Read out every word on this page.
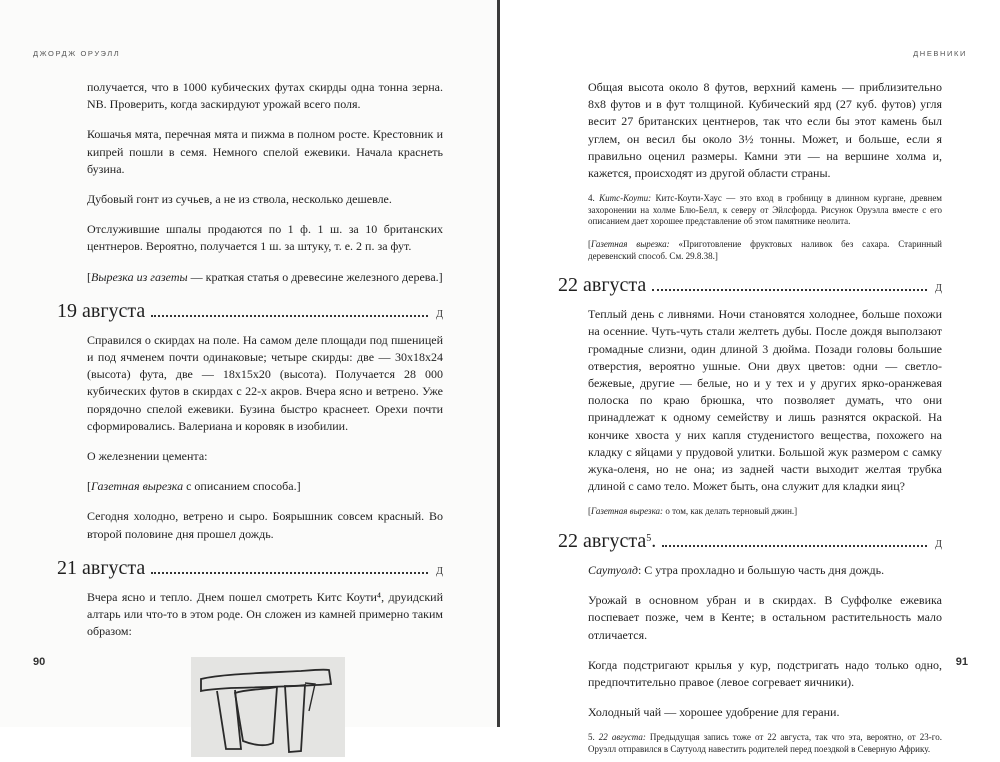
ДЖОРДЖ ОРУЭЛЛ

получается, что в 1000 кубических футах скирды одна тонна зерна. NB. Проверить, когда заскирдуют урожай всего поля.

Кошачья мята, перечная мята и пижма в полном росте. Крестовник и кипрей пошли в семя. Немного спелой ежевики. Начала краснеть бузина.

Дубовый гонт из сучьев, а не из ствола, несколько дешевле.

Отслужившие шпалы продаются по 1 ф. 1 ш. за 10 британских центнеров. Вероятно, получается 1 ш. за штуку, т. е. 2 п. за фут.

[Вырезка из газеты — краткая статья о древесине железного дерева.]

19 августа	Д

Справился о скирдах на поле. На самом деле площади под пшеницей и под ячменем почти одинаковые; четыре скирды: две — 30x18x24 (высота) фута, две — 18x15x20 (высота). Получается 28 000 кубических футов в скирдах с 22-х акров. Вчера ясно и ветрено. Уже порядочно спелой ежевики. Бузина быстро краснеет. Орехи почти сформировались. Валериана и коровяк в изобилии.

О железнении цемента:

[Газетная вырезка с описанием способа.]

Сегодня холодно, ветрено и сыро. Боярышник совсем красный. Во второй половине дня прошел дождь.

21 августа	Д

Вчера ясно и тепло. Днем пошел смотреть Китс Коути⁴, друидский алтарь или что-то в этом роде. Он сложен из камней примерно таким образом:

90
ДНЕВНИКИ

Общая высота около 8 футов, верхний камень — приблизительно 8x8 футов и в фут толщиной. Кубический ярд (27 куб. футов) угля весит 27 британских центнеров, так что если бы этот камень был углем, он весил бы около 3½ тонны. Может, и больше, если я правильно оценил размеры. Камни эти — на вершине холма и, кажется, происходят из другой области страны.

4. Китс-Коути: Китс-Коути-Хаус — это вход в гробницу в длинном кургане, древнем захоронении на холме Блю-Белл, к северу от Эйлсфорда. Рисунок Оруэлла вместе с его описанием дает хорошее представление об этом памятнике неолита.
[Газетная вырезка: «Приготовление фруктовых наливок без сахара. Старинный деревенский способ. См. 29.8.38.]
22 августа	Д

Теплый день с ливнями. Ночи становятся холоднее, больше похожи на осенние. Чуть-чуть стали желтеть дубы. После дождя выползают громадные слизни, один длиной 3 дюйма. Позади головы большие отверстия, вероятно ушные. Они двух цветов: одни — светло-бежевые, другие — белые, но и у тех и у других ярко-оранжевая полоска по краю брюшка, что позволяет думать, что они принадлежат к одному семейству и лишь разнятся окраской. На кончике хвоста у них капля студенистого вещества, похожего на кладку с яйцами у прудовой улитки. Большой жук размером с самку жука-оленя, но не она; из задней части выходит желтая трубка длиной с само тело. Может быть, она служит для кладки яиц?

[Газетная вырезка: о том, как делать терновый джин.]
22 августа$^5$.	Д

Саутуолд: С утра прохладно и большую часть дня дождь.

Урожай в основном убран и в скирдах. В Суффолке ежевика поспевает позже, чем в Кенте; в остальном растительность мало отличается.

Когда подстригают крылья у кур, подстригать надо только одно, предпочтительно правое (левое согревает яичники).

Холодный чай — хорошее удобрение для герани.

5. 22 августа: Предыдущая запись тоже от 22 августа, так что эта, вероятно, от 23-го. Оруэлл отправился в Саутуолд навестить родителей перед поездкой в Северную Африку.
91
